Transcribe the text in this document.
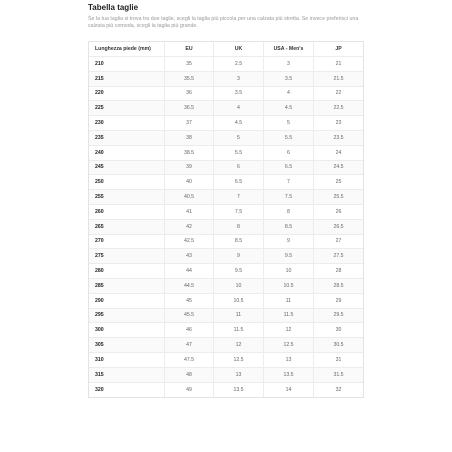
Tabella taglie
Se la tua taglia si trova tra due taglie, scegli la taglia più piccola per una calzata più stretta. Se invece preferisci una calzata più comoda, scegli la taglia più grande.
Lunghezza piede (mm)	EU	UK	USA - Men's	JP
210	35	2.5	3	21
215	35.5	3	3.5	21.5
220	36	3.5	4	22
225	36.5	4	4.5	22.5
230	37	4.5	5	23
235	38	5	5.5	23.5
240	38.5	5.5	6	24
245	39	6	6.5	24.5
250	40	6.5	7	25
255	40.5	7	7.5	25.5
260	41	7.5	8	26
265	42	8	8.5	26.5
270	42.5	8.5	9	27
275	43	9	9.5	27.5
280	44	9.5	10	28
285	44.5	10	10.5	28.5
290	45	10.5	11	29
295	45.5	11	11.5	29.5
300	46	11.5	12	30
305	47	12	12.5	30.5
310	47.5	12.5	13	31
315	48	13	13.5	31.5
320	49	13.5	14	32
